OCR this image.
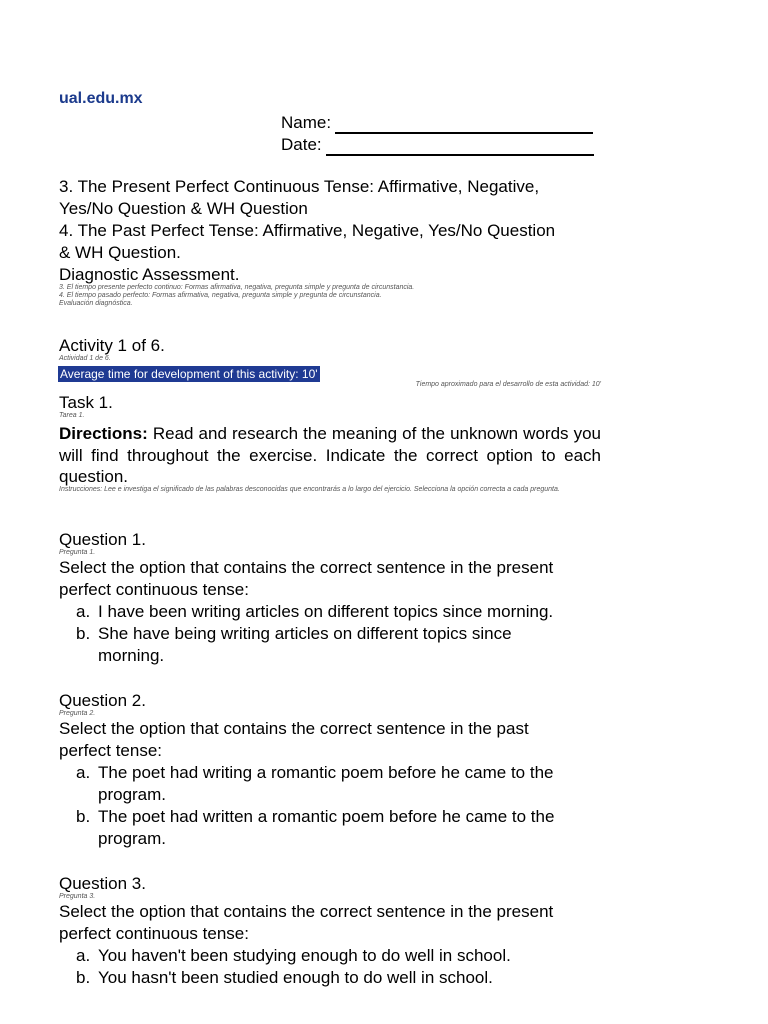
ual.edu.mx
Name:
Date:
3. The Present Perfect Continuous Tense: Affirmative, Negative,
Yes/No Question & WH Question
4. The Past Perfect Tense: Affirmative, Negative, Yes/No Question
& WH Question.
Diagnostic Assessment.
3. El tiempo presente perfecto continuo: Formas afirmativa, negativa, pregunta simple y pregunta de circunstancia.
4. El tiempo pasado perfecto: Formas afirmativa, negativa, pregunta simple y pregunta de circunstancia.
Evaluación diagnóstica.
Activity 1 of 6.
Actividad 1 de 6.
Average time for development of this activity: 10'
Tiempo aproximado para el desarrollo de esta actividad: 10'
Task 1.
Tarea 1.
Directions: Read and research the meaning of the unknown words you will find throughout the exercise. Indicate the correct option to each question.
Instrucciones: Lee e investiga el significado de las palabras desconocidas que encontrarás a lo largo del ejercicio. Selecciona la opción correcta a cada pregunta.
Question 1.
Pregunta 1.
Select the option that contains the correct sentence in the present
perfect continuous tense:
a. I have been writing articles on different topics since morning.
b. She have being writing articles on different topics since
morning.
Question 2.
Pregunta 2.
Select the option that contains the correct sentence in the past
perfect tense:
a. The poet had writing a romantic poem before he came to the
program.
b. The poet had written a romantic poem before he came to the
program.
Question 3.
Pregunta 3.
Select the option that contains the correct sentence in the present
perfect continuous tense:
a. You haven't been studying enough to do well in school.
b. You hasn't been studied enough to do well in school.
